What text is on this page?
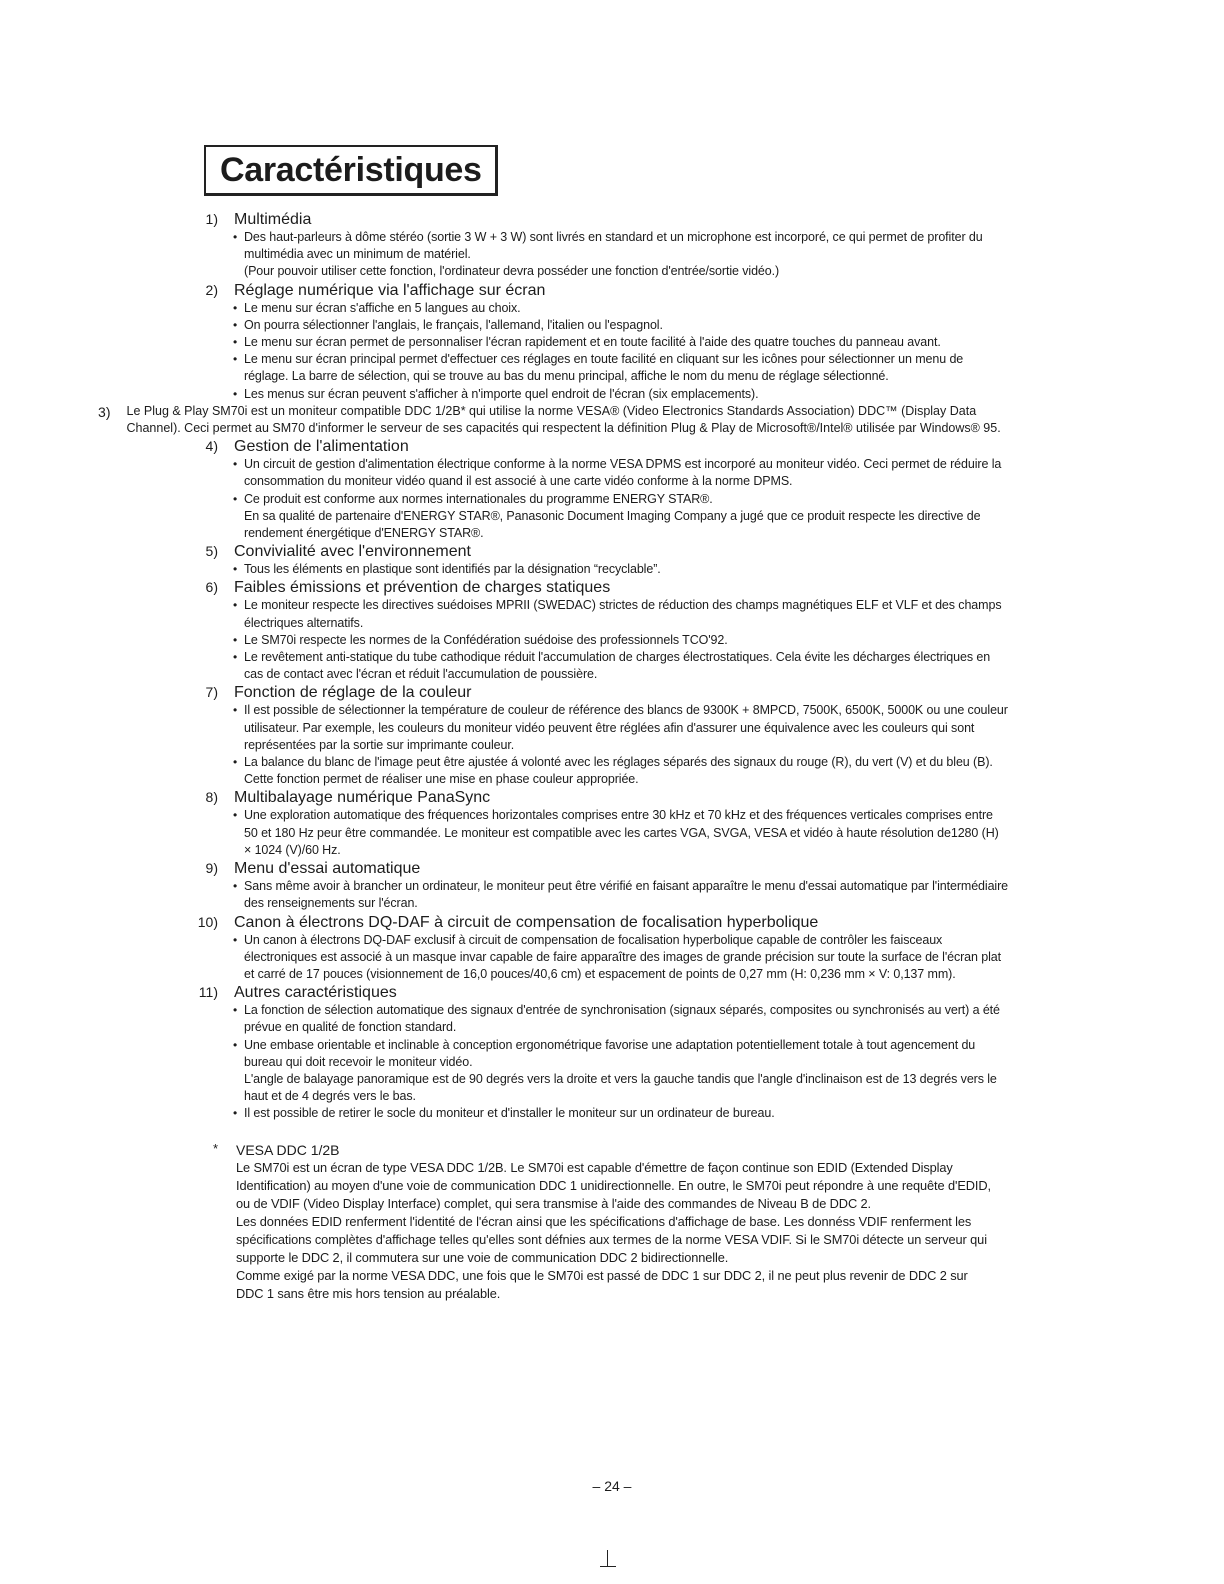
Caractéristiques
1) Multimédia
• Des haut-parleurs à dôme stéréo (sortie 3 W + 3 W) sont livrés en standard et un microphone est incorporé, ce qui permet de profiter du multimédia avec un minimum de matériel.

(Pour pouvoir utiliser cette fonction, l'ordinateur devra posséder une fonction d'entrée/sortie vidéo.)

2) Réglage numérique via l'affichage sur écran
• Le menu sur écran s'affiche en 5 langues au choix.

• On pourra sélectionner l'anglais, le français, l'allemand, l'italien ou l'espagnol.

• Le menu sur écran permet de personnaliser l'écran rapidement et en toute facilité à l'aide des quatre touches du panneau avant.

• Le menu sur écran principal permet d'effectuer ces réglages en toute facilité en cliquant sur les icônes pour sélectionner un menu de réglage. La barre de sélection, qui se trouve au bas du menu principal, affiche le nom du menu de réglage sélectionné.

• Les menus sur écran peuvent s'afficher à n'importe quel endroit de l'écran (six emplacements).

3) Le Plug & Play SM70i est un moniteur compatible DDC 1/2B* qui utilise la norme VESA® (Video Electronics Standards Association) DDC™ (Display Data Channel). Ceci permet au SM70 d'informer le serveur de ses capacités qui respectent la définition Plug & Play de Microsoft®/Intel® utilisée par Windows® 95.
4) Gestion de l'alimentation
• Un circuit de gestion d'alimentation électrique conforme à la norme VESA DPMS est incorporé au moniteur vidéo. Ceci permet de réduire la consommation du moniteur vidéo quand il est associé à une carte vidéo conforme à la norme DPMS.

• Ce produit est conforme aux normes internationales du programme ENERGY STAR®.

En sa qualité de partenaire d'ENERGY STAR®, Panasonic Document Imaging Company a jugé que ce produit respecte les directive de rendement énergétique d'ENERGY STAR®.

5) Convivialité avec l'environnement
• Tous les éléments en plastique sont identifiés par la désignation “recyclable”.

6) Faibles émissions et prévention de charges statiques
• Le moniteur respecte les directives suédoises MPRII (SWEDAC) strictes de réduction des champs magnétiques ELF et VLF et des champs électriques alternatifs.

• Le SM70i respecte les normes de la Confédération suédoise des professionnels TCO'92.

• Le revêtement anti-statique du tube cathodique réduit l'accumulation de charges électrostatiques. Cela évite les décharges électriques en cas de contact avec l'écran et réduit l'accumulation de poussière.

7) Fonction de réglage de la couleur
• Il est possible de sélectionner la température de couleur de référence des blancs de 9300K + 8MPCD, 7500K, 6500K, 5000K ou une couleur utilisateur. Par exemple, les couleurs du moniteur vidéo peuvent être réglées afin d'assurer une équivalence avec les couleurs qui sont représentées par la sortie sur imprimante couleur.

• La balance du blanc de l'image peut être ajustée á volonté avec les réglages séparés des signaux du rouge (R), du vert (V) et du bleu (B). Cette fonction permet de réaliser une mise en phase couleur appropriée.

8) Multibalayage numérique PanaSync
• Une exploration automatique des fréquences horizontales comprises entre 30 kHz et 70 kHz et des fréquences verticales comprises entre 50 et 180 Hz peur être commandée. Le moniteur est compatible avec les cartes VGA, SVGA, VESA et vidéo à haute résolution de1280 (H) × 1024 (V)/60 Hz.

9) Menu d'essai automatique
• Sans même avoir à brancher un ordinateur, le moniteur peut être vérifié en faisant apparaître le menu d'essai automatique par l'intermédiaire des renseignements sur l'écran.

10) Canon à électrons DQ-DAF à circuit de compensation de focalisation hyperbolique
• Un canon à électrons DQ-DAF exclusif à circuit de compensation de focalisation hyperbolique capable de contrôler les faisceaux électroniques est associé à un masque invar capable de faire apparaître des images de grande précision sur toute la surface de l'écran plat et carré de 17 pouces (visionnement de 16,0 pouces/40,6 cm) et espacement de points de 0,27 mm (H: 0,236 mm × V: 0,137 mm).

11) Autres caractéristiques
• La fonction de sélection automatique des signaux d'entrée de synchronisation (signaux séparés, composites ou synchronisés au vert) a été prévue en qualité de fonction standard.

• Une embase orientable et inclinable à conception ergonométrique favorise une adaptation potentiellement totale à tout agencement du bureau qui doit recevoir le moniteur vidéo.

L'angle de balayage panoramique est de 90 degrés vers la droite et vers la gauche tandis que l'angle d'inclinaison est de 13 degrés vers le haut et de 4 degrés vers le bas.

• Il est possible de retirer le socle du moniteur et d'installer le moniteur sur un ordinateur de bureau.

* VESA DDC 1/2B

Le SM70i est un écran de type VESA DDC 1/2B. Le SM70i est capable d'émettre de façon continue son EDID (Extended Display Identification) au moyen d'une voie de communication DDC 1 unidirectionnelle. En outre, le SM70i peut répondre à une requête d'EDID, ou de VDIF (Video Display Interface) complet, qui sera transmise à l'aide des commandes de Niveau B de DDC 2.

Les données EDID renferment l'identité de l'écran ainsi que les spécifications d'affichage de base. Les donnéss VDIF renferment les spécifications complètes d'affichage telles qu'elles sont défnies aux termes de la norme VESA VDIF. Si le SM70i détecte un serveur qui supporte le DDC 2, il commutera sur une voie de communication DDC 2 bidirectionnelle.

Comme exigé par la norme VESA DDC, une fois que le SM70i est passé de DDC 1 sur DDC 2, il ne peut plus revenir de DDC 2 sur DDC 1 sans être mis hors tension au préalable.

– 24 –
